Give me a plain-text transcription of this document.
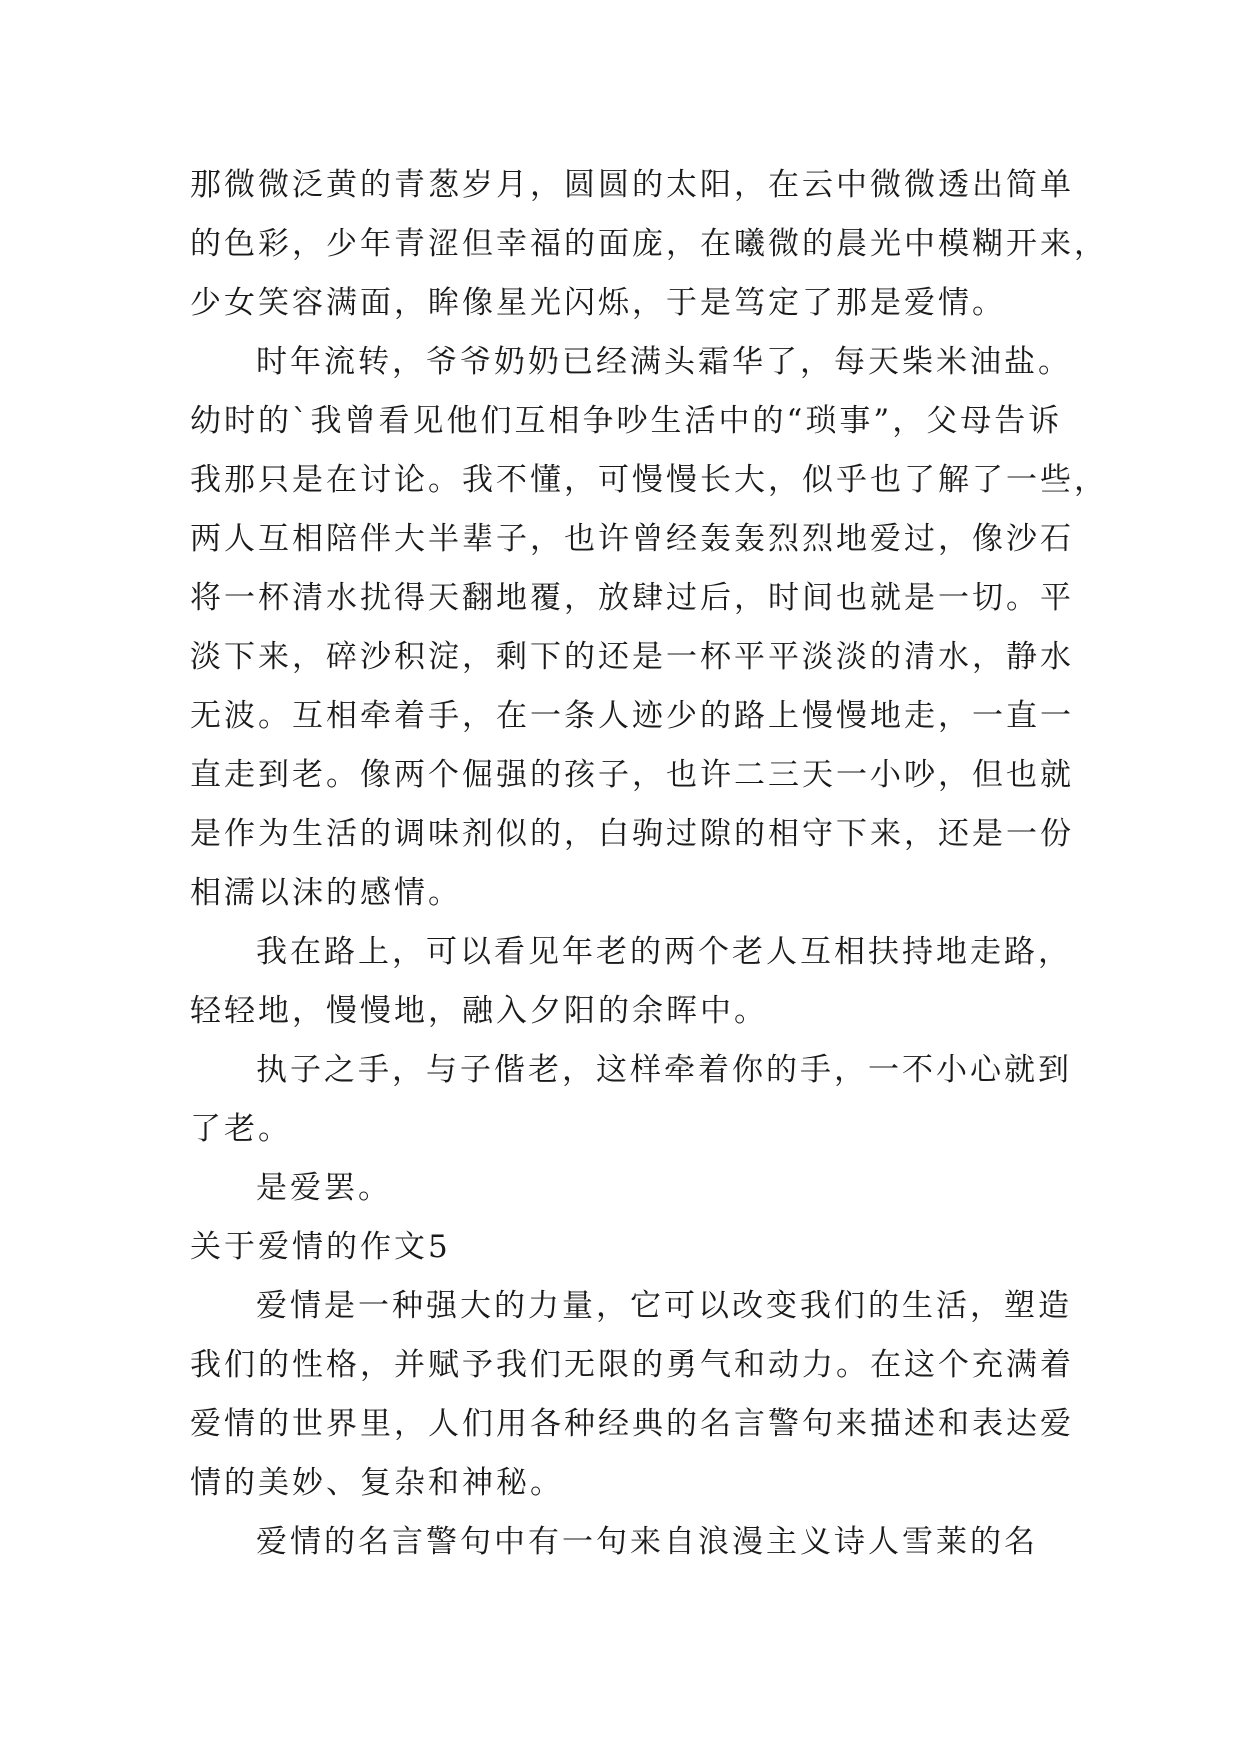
那微微泛黄的青葱岁月，圆圆的太阳，在云中微微透出简单
的色彩，少年青涩但幸福的面庞，在曦微的晨光中模糊开来，
少女笑容满面，眸像星光闪烁，于是笃定了那是爱情。
时年流转，爷爷奶奶已经满头霜华了，每天柴米油盐。
幼时的`我曾看见他们互相争吵生活中的“琐事”，父母告诉
我那只是在讨论。我不懂，可慢慢长大，似乎也了解了一些，
两人互相陪伴大半辈子，也许曾经轰轰烈烈地爱过，像沙石
将一杯清水扰得天翻地覆，放肆过后，时间也就是一切。平
淡下来，碎沙积淀，剩下的还是一杯平平淡淡的清水，静水
无波。互相牵着手，在一条人迹少的路上慢慢地走，一直一
直走到老。像两个倔强的孩子，也许二三天一小吵，但也就
是作为生活的调味剂似的，白驹过隙的相守下来，还是一份
相濡以沫的感情。
我在路上，可以看见年老的两个老人互相扶持地走路，
轻轻地，慢慢地，融入夕阳的余晖中。
执子之手，与子偕老，这样牵着你的手，一不小心就到
了老。
是爱罢。
关于爱情的作文5
爱情是一种强大的力量，它可以改变我们的生活，塑造
我们的性格，并赋予我们无限的勇气和动力。在这个充满着
爱情的世界里，人们用各种经典的名言警句来描述和表达爱
情的美妙、复杂和神秘。
爱情的名言警句中有一句来自浪漫主义诗人雪莱的名
